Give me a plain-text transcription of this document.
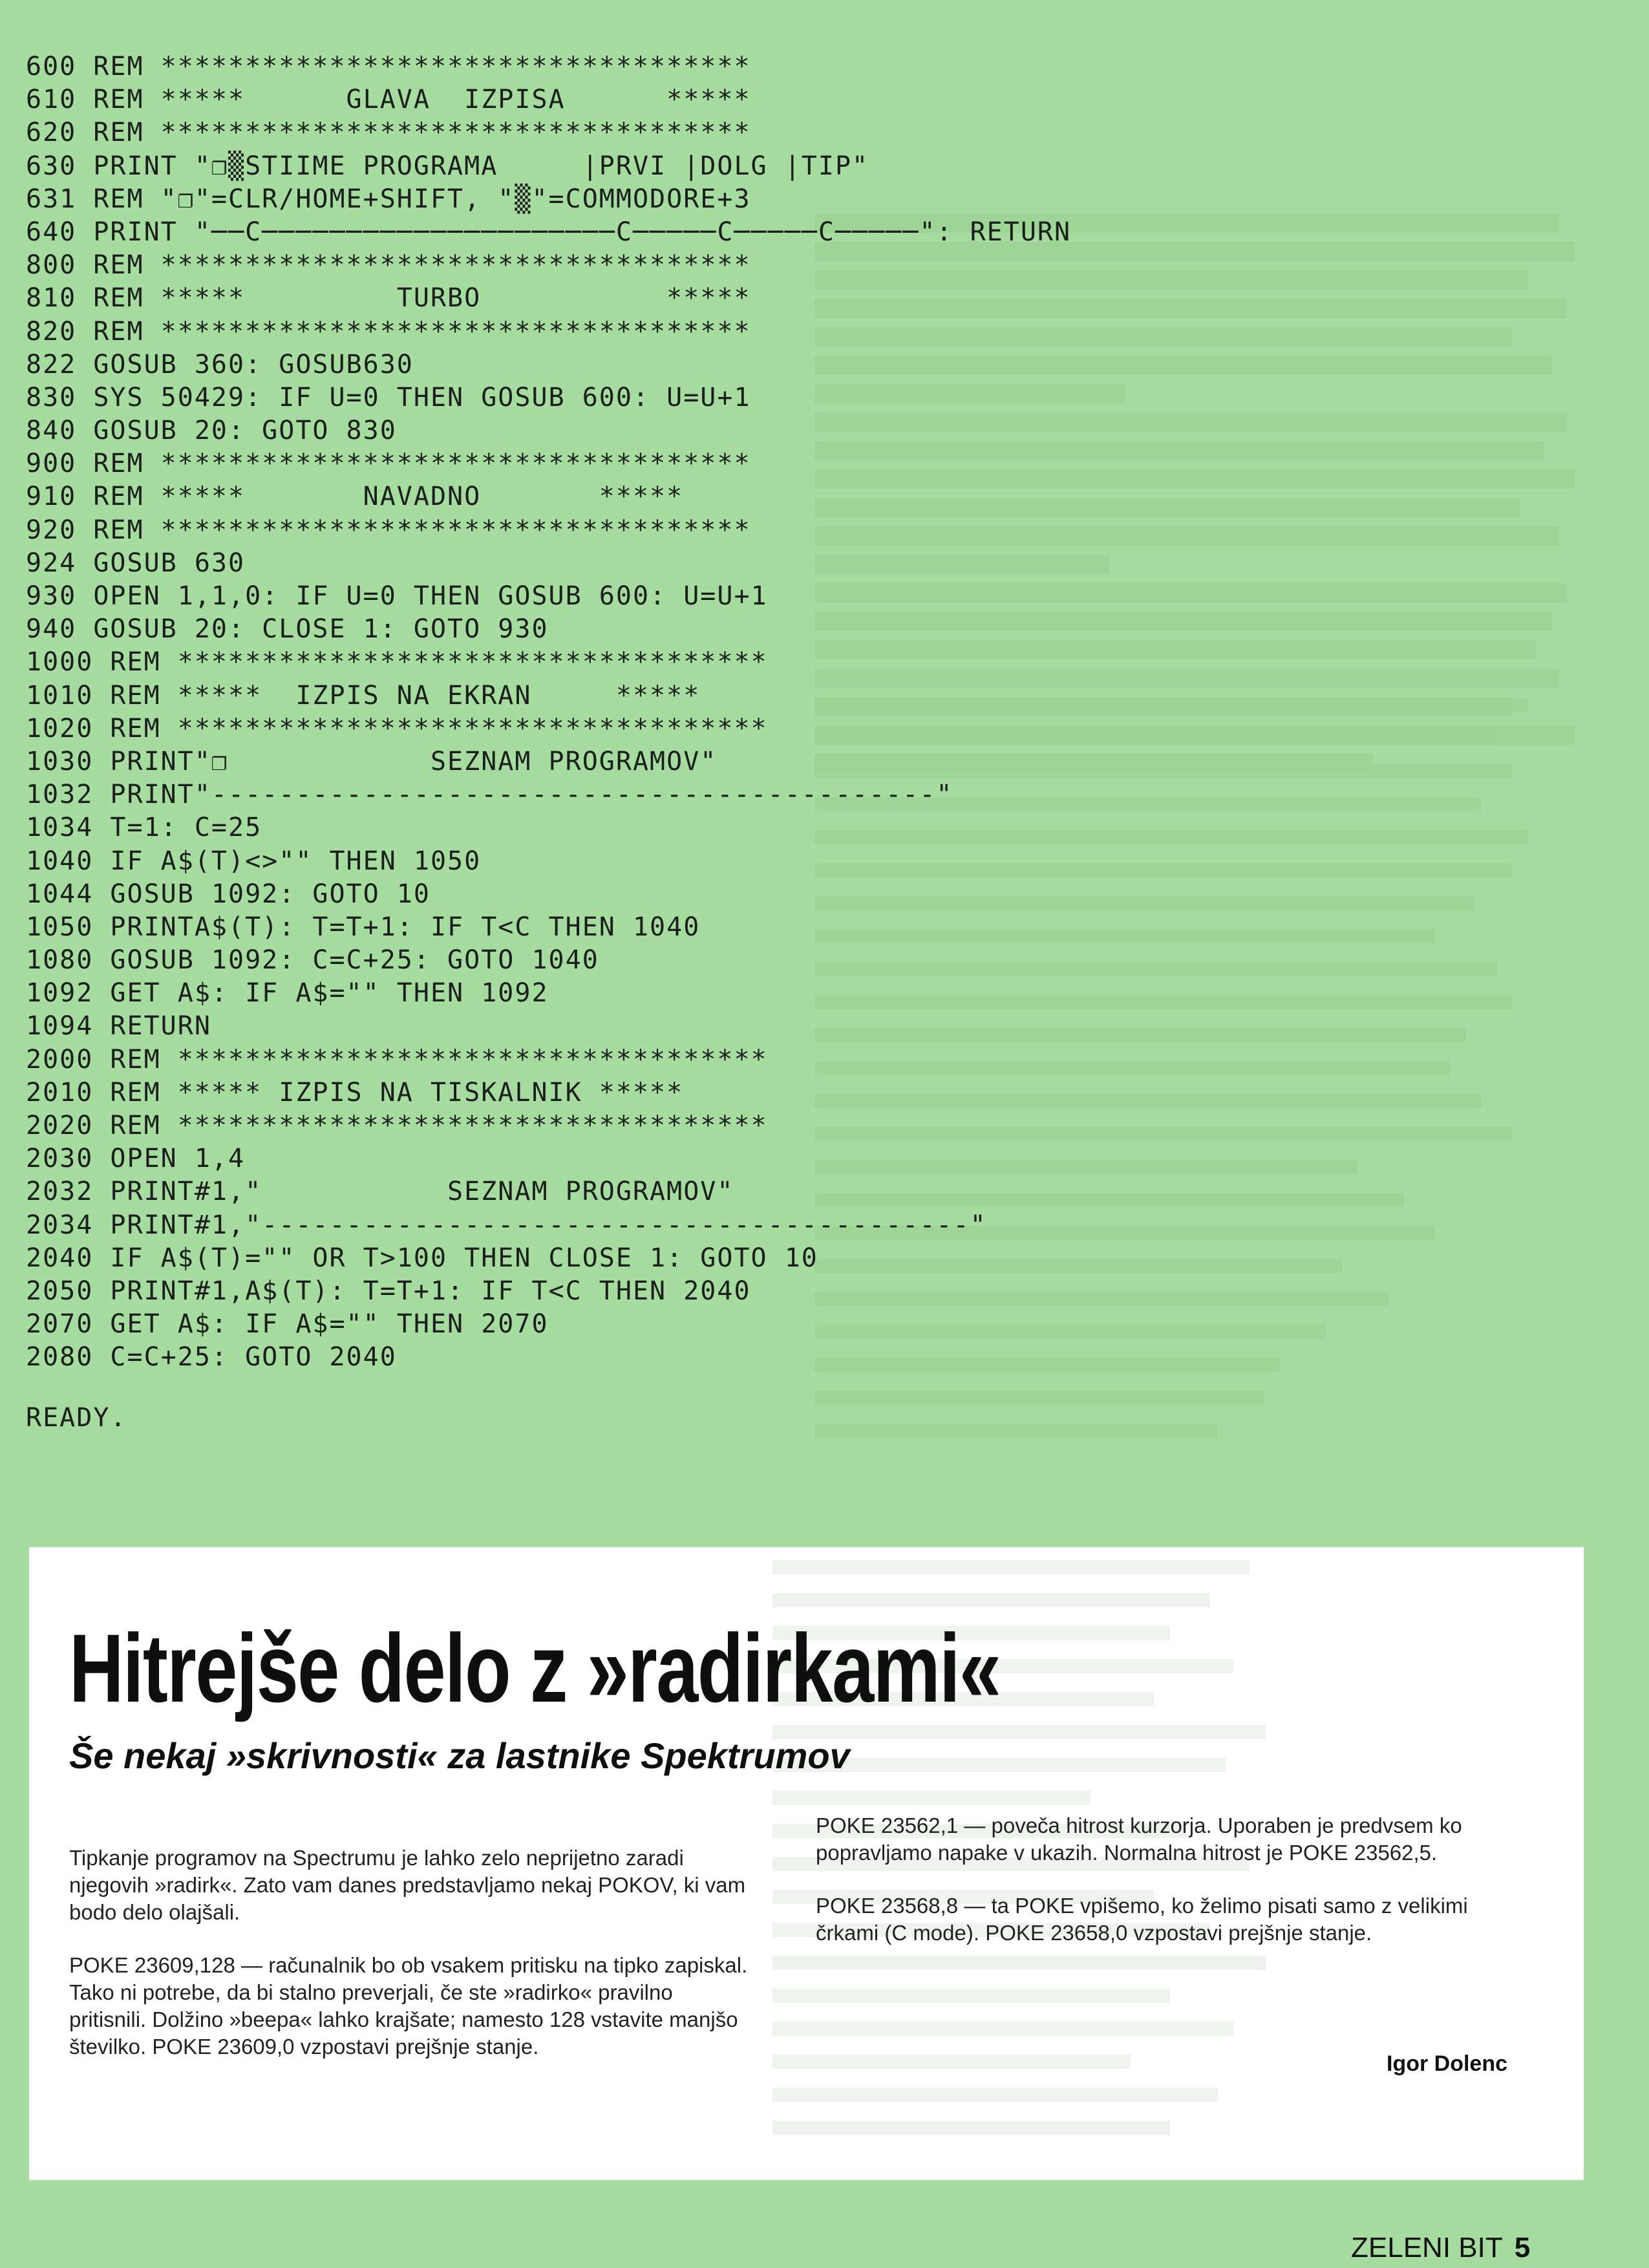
600 REM ***********************************
610 REM *****      GLAVA  IZPISA      *****
620 REM ***********************************
630 PRINT "❐▒STIIME PROGRAMA     |PRVI |DOLG |TIP"
631 REM "❐"=CLR/HOME+SHIFT, "▒"=COMMODORE+3
640 PRINT "──C─────────────────────C─────C─────C─────": RETURN
800 REM ***********************************
810 REM *****         TURBO           *****
820 REM ***********************************
822 GOSUB 360: GOSUB630
830 SYS 50429: IF U=0 THEN GOSUB 600: U=U+1
840 GOSUB 20: GOTO 830
900 REM ***********************************
910 REM *****       NAVADNO       *****
920 REM ***********************************
924 GOSUB 630
930 OPEN 1,1,0: IF U=0 THEN GOSUB 600: U=U+1
940 GOSUB 20: CLOSE 1: GOTO 930
1000 REM ***********************************
1010 REM *****  IZPIS NA EKRAN     *****
1020 REM ***********************************
1030 PRINT"❐            SEZNAM PROGRAMOV"
1032 PRINT"-------------------------------------------"
1034 T=1: C=25
1040 IF A$(T)<>"" THEN 1050
1044 GOSUB 1092: GOTO 10
1050 PRINTA$(T): T=T+1: IF T<C THEN 1040
1080 GOSUB 1092: C=C+25: GOTO 1040
1092 GET A$: IF A$="" THEN 1092
1094 RETURN
2000 REM ***********************************
2010 REM ***** IZPIS NA TISKALNIK *****
2020 REM ***********************************
2030 OPEN 1,4
2032 PRINT#1,"           SEZNAM PROGRAMOV"
2034 PRINT#1,"------------------------------------------"
2040 IF A$(T)="" OR T>100 THEN CLOSE 1: GOTO 10
2050 PRINT#1,A$(T): T=T+1: IF T<C THEN 2040
2070 GET A$: IF A$="" THEN 2070
2080 C=C+25: GOTO 2040
READY.
Hitrejše delo z »radirkami«
Še nekaj »skrivnosti« za lastnike Spektrumov

Tipkanje programov na Spectrumu je lahko zelo neprijetno zaradi njegovih »radirk«. Zato vam danes predstavljamo nekaj POKOV, ki vam bodo delo olajšali.

POKE 23609,128 — računalnik bo ob vsakem pritisku na tipko zapiskal. Tako ni potrebe, da bi stalno preverjali, če ste »radirko« pravilno pritisnili. Dolžino »beepa« lahko krajšate; namesto 128 vstavite manjšo številko. POKE 23609,0 vzpostavi prejšnje stanje.

POKE 23562,1 — poveča hitrost kurzorja. Uporaben je predvsem ko popravljamo napake v ukazih. Normalna hitrost je POKE 23562,5.

POKE 23568,8 — ta POKE vpišemo, ko želimo pisati samo z velikimi črkami (C mode). POKE 23658,0 vzpostavi prejšnje stanje.

Igor Dolenc
ZELENI BIT 5
